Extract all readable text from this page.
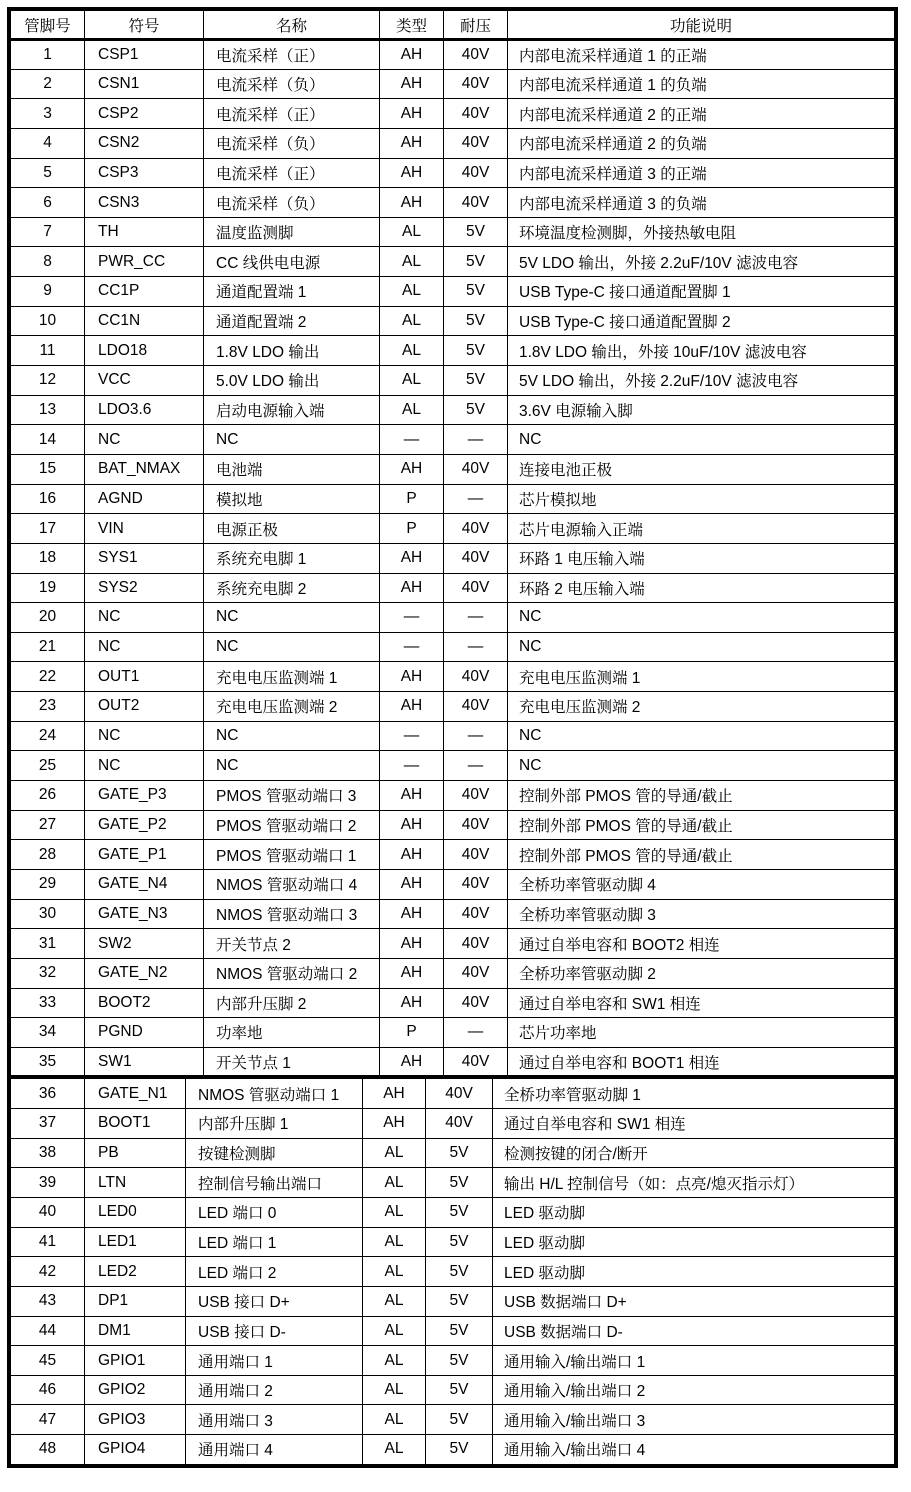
管脚号	符号	名称	类型	耐压	功能说明
1	CSP1	电流采样（正）	AH	40V	内部电流采样通道 1 的正端
2	CSN1	电流采样（负）	AH	40V	内部电流采样通道 1 的负端
3	CSP2	电流采样（正）	AH	40V	内部电流采样通道 2 的正端
4	CSN2	电流采样（负）	AH	40V	内部电流采样通道 2 的负端
5	CSP3	电流采样（正）	AH	40V	内部电流采样通道 3 的正端
6	CSN3	电流采样（负）	AH	40V	内部电流采样通道 3 的负端
7	TH	温度监测脚	AL	5V	环境温度检测脚，外接热敏电阻
8	PWR_CC	CC 线供电电源	AL	5V	5V LDO 输出，外接 2.2uF/10V 滤波电容
9	CC1P	通道配置端 1	AL	5V	USB Type-C 接口通道配置脚 1
10	CC1N	通道配置端 2	AL	5V	USB Type-C 接口通道配置脚 2
11	LDO18	1.8V LDO 输出	AL	5V	1.8V LDO 输出，外接 10uF/10V 滤波电容
12	VCC	5.0V LDO 输出	AL	5V	5V LDO 输出，外接 2.2uF/10V 滤波电容
13	LDO3.6	启动电源输入端	AL	5V	3.6V 电源输入脚
14	NC	NC	—	—	NC
15	BAT_NMAX	电池端	AH	40V	连接电池正极
16	AGND	模拟地	P	—	芯片模拟地
17	VIN	电源正极	P	40V	芯片电源输入正端
18	SYS1	系统充电脚 1	AH	40V	环路 1 电压输入端
19	SYS2	系统充电脚 2	AH	40V	环路 2 电压输入端
20	NC	NC	—	—	NC
21	NC	NC	—	—	NC
22	OUT1	充电电压监测端 1	AH	40V	充电电压监测端 1
23	OUT2	充电电压监测端 2	AH	40V	充电电压监测端 2
24	NC	NC	—	—	NC
25	NC	NC	—	—	NC
26	GATE_P3	PMOS 管驱动端口 3	AH	40V	控制外部 PMOS 管的导通/截止
27	GATE_P2	PMOS 管驱动端口 2	AH	40V	控制外部 PMOS 管的导通/截止
28	GATE_P1	PMOS 管驱动端口 1	AH	40V	控制外部 PMOS 管的导通/截止
29	GATE_N4	NMOS 管驱动端口 4	AH	40V	全桥功率管驱动脚 4
30	GATE_N3	NMOS 管驱动端口 3	AH	40V	全桥功率管驱动脚 3
31	SW2	开关节点 2	AH	40V	通过自举电容和 BOOT2 相连
32	GATE_N2	NMOS 管驱动端口 2	AH	40V	全桥功率管驱动脚 2
33	BOOT2	内部升压脚 2	AH	40V	通过自举电容和 SW1 相连
34	PGND	功率地	P	—	芯片功率地
35	SW1	开关节点 1	AH	40V	通过自举电容和 BOOT1 相连
36	GATE_N1	NMOS 管驱动端口 1	AH	40V	全桥功率管驱动脚 1
37	BOOT1	内部升压脚 1	AH	40V	通过自举电容和 SW1 相连
38	PB	按键检测脚	AL	5V	检测按键的闭合/断开
39	LTN	控制信号输出端口	AL	5V	输出 H/L 控制信号（如：点亮/熄灭指示灯）
40	LED0	LED 端口 0	AL	5V	LED 驱动脚
41	LED1	LED 端口 1	AL	5V	LED 驱动脚
42	LED2	LED 端口 2	AL	5V	LED 驱动脚
43	DP1	USB 接口 D+	AL	5V	USB 数据端口 D+
44	DM1	USB 接口 D-	AL	5V	USB 数据端口 D-
45	GPIO1	通用端口 1	AL	5V	通用输入/输出端口 1
46	GPIO2	通用端口 2	AL	5V	通用输入/输出端口 2
47	GPIO3	通用端口 3	AL	5V	通用输入/输出端口 3
48	GPIO4	通用端口 4	AL	5V	通用输入/输出端口 4
